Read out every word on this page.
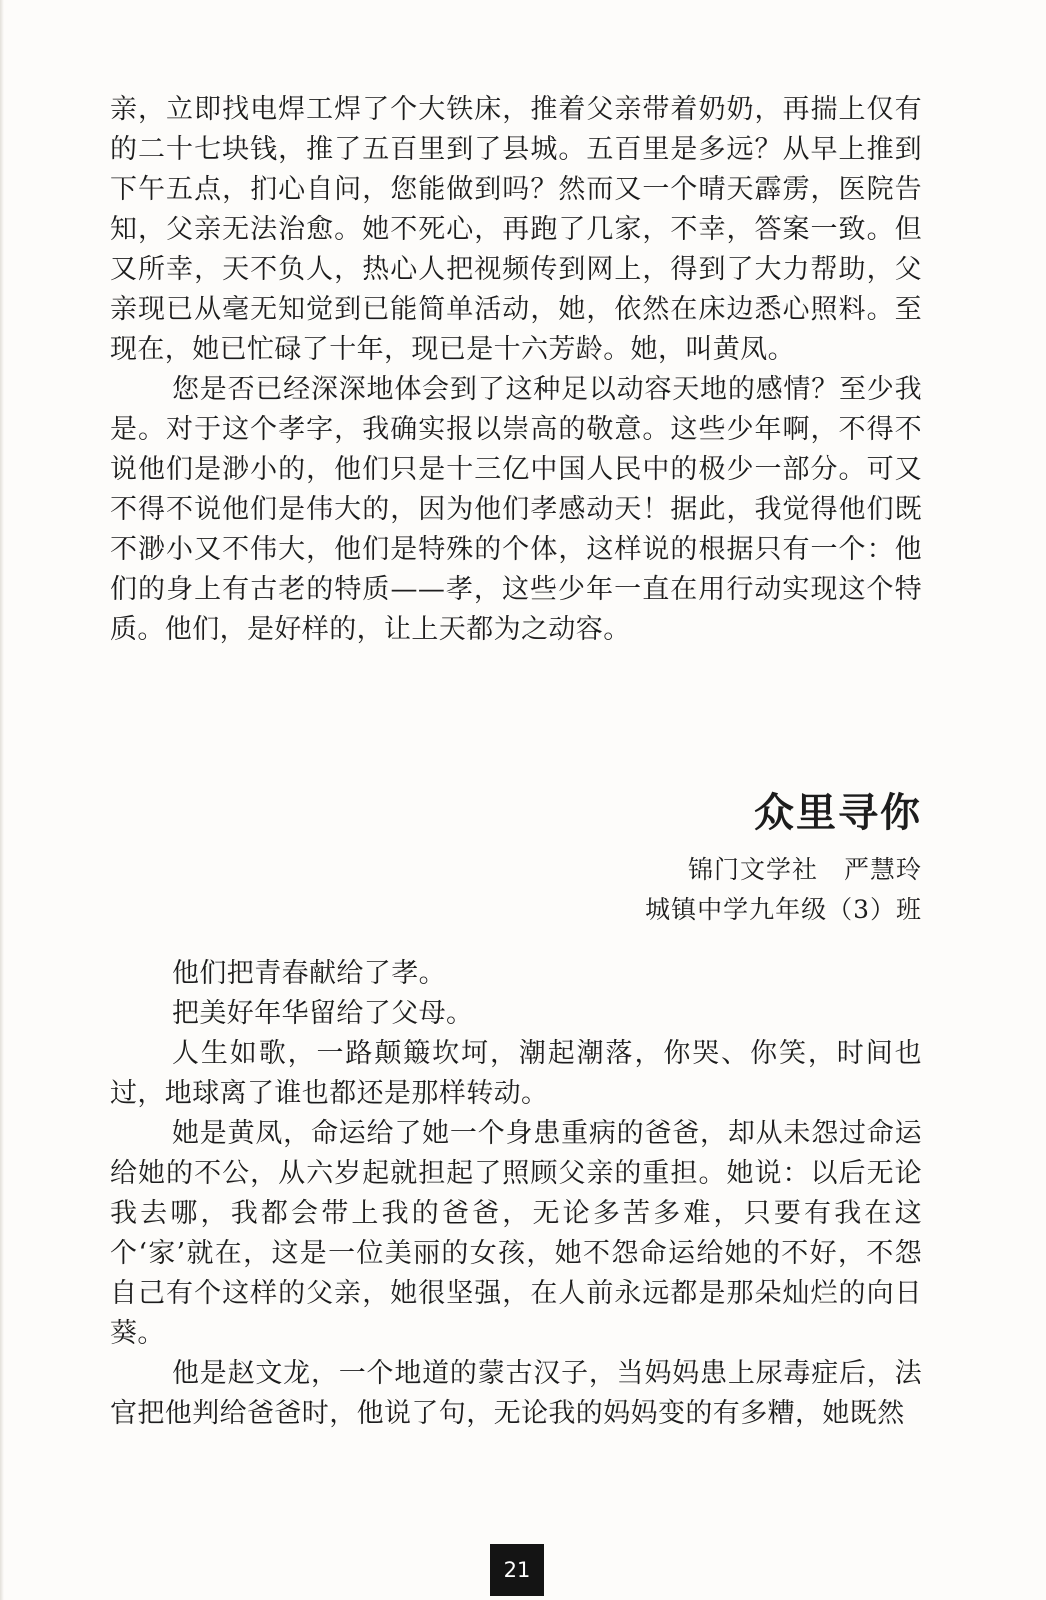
亲，立即找电焊工焊了个大铁床，推着父亲带着奶奶，再揣上仅有的二十七块钱，推了五百里到了县城。五百里是多远？从早上推到下午五点，扪心自问，您能做到吗？然而又一个晴天霹雳，医院告知，父亲无法治愈。她不死心，再跑了几家，不幸，答案一致。但又所幸，天不负人，热心人把视频传到网上，得到了大力帮助，父亲现已从毫无知觉到已能简单活动，她，依然在床边悉心照料。至现在，她已忙碌了十年，现已是十六芳龄。她，叫黄凤。

您是否已经深深地体会到了这种足以动容天地的感情？至少我是。对于这个孝字，我确实报以崇高的敬意。这些少年啊，不得不说他们是渺小的，他们只是十三亿中国人民中的极少一部分。可又不得不说他们是伟大的，因为他们孝感动天！据此，我觉得他们既不渺小又不伟大，他们是特殊的个体，这样说的根据只有一个：他们的身上有古老的特质——孝，这些少年一直在用行动实现这个特质。他们，是好样的，让上天都为之动容。

众里寻你

锦门文学社　严慧玲

城镇中学九年级（3）班

他们把青春献给了孝。

把美好年华留给了父母。

人生如歌，一路颠簸坎坷，潮起潮落，你哭、你笑，时间也过，地球离了谁也都还是那样转动。

她是黄凤，命运给了她一个身患重病的爸爸，却从未怨过命运给她的不公，从六岁起就担起了照顾父亲的重担。她说：以后无论我去哪，我都会带上我的爸爸，无论多苦多难，只要有我在这个‘家’就在，这是一位美丽的女孩，她不怨命运给她的不好，不怨自己有个这样的父亲，她很坚强，在人前永远都是那朵灿烂的向日葵。

他是赵文龙，一个地道的蒙古汉子，当妈妈患上尿毒症后，法官把他判给爸爸时，他说了句，无论我的妈妈变的有多糟，她既然

21
